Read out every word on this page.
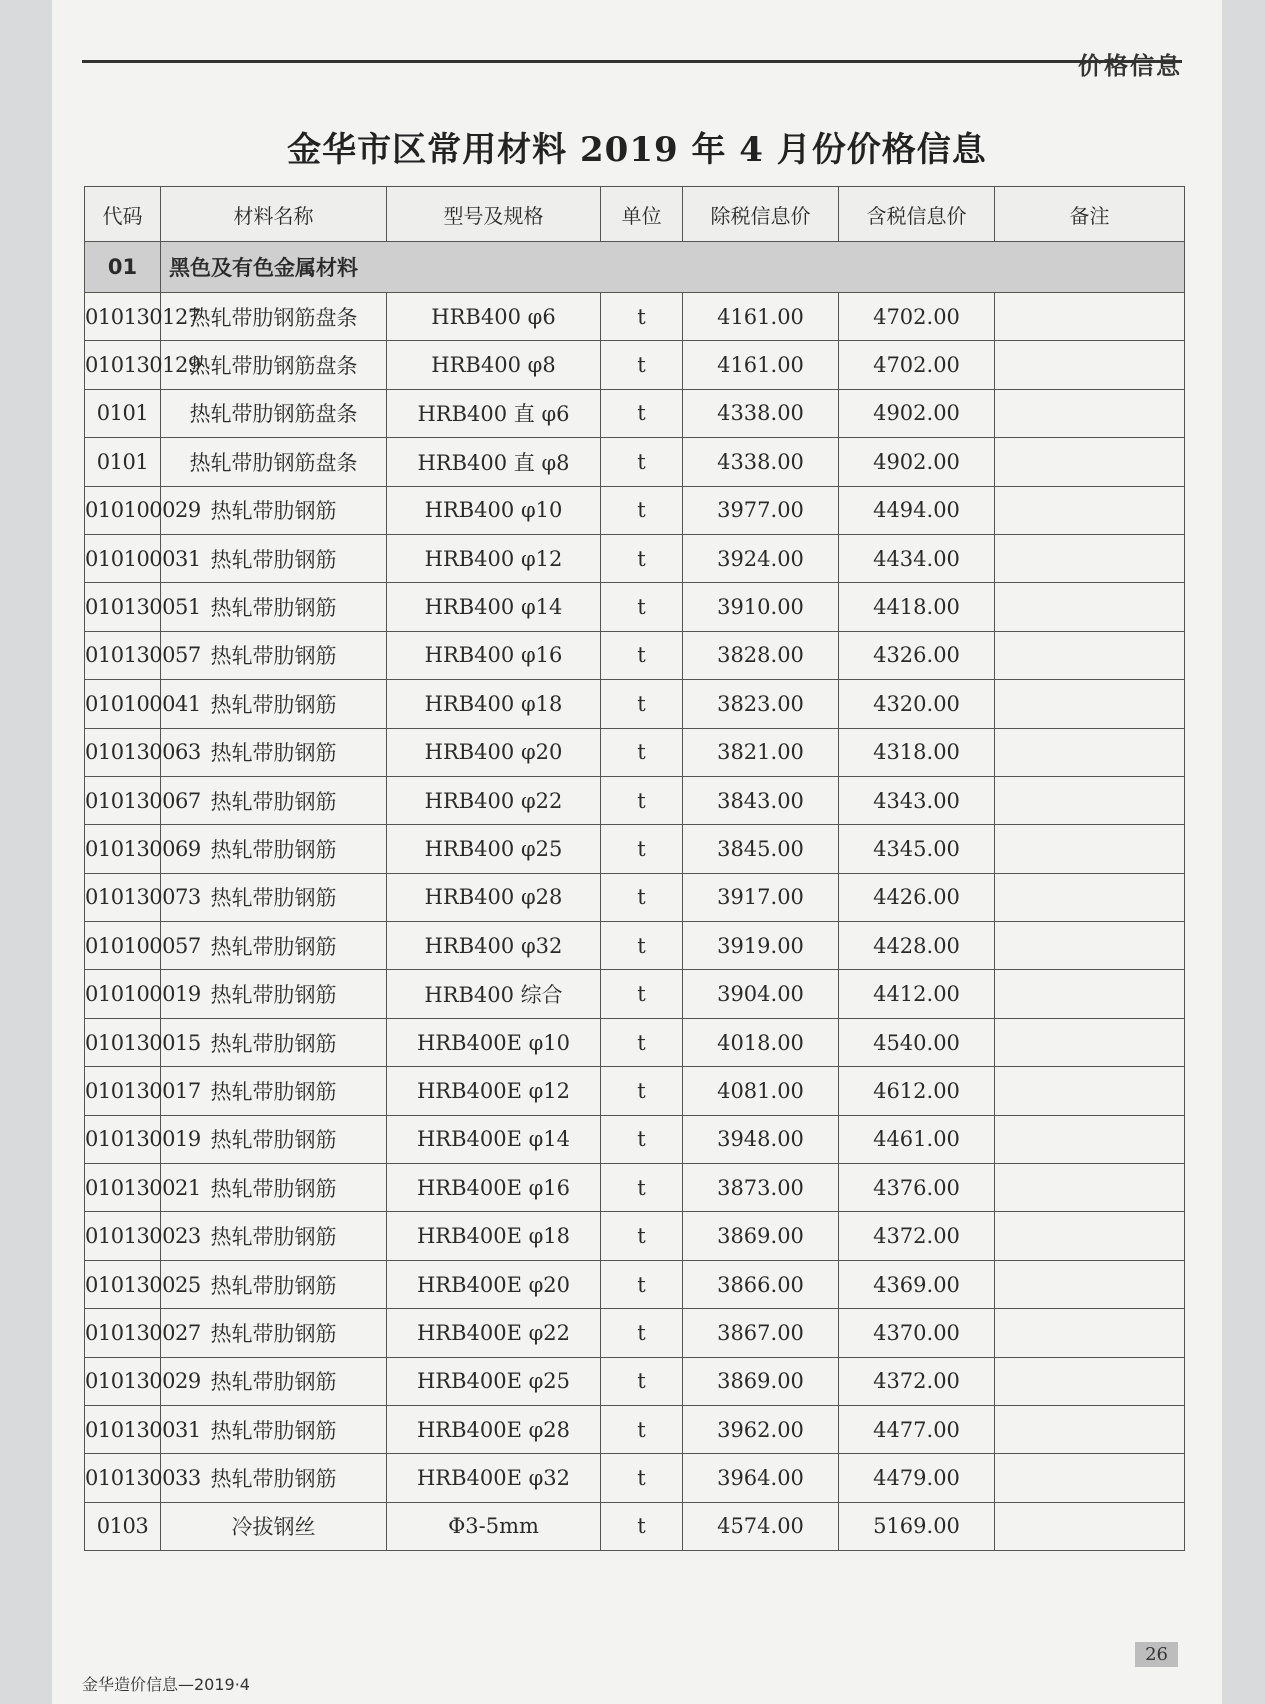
价格信息
金华市区常用材料 2019 年 4 月份价格信息
代码	材料名称	型号及规格	单位	除税信息价	含税信息价	备注
01	黑色及有色金属材料					
010130127	热轧带肋钢筋盘条	HRB400 φ6	t	4161.00	4702.00	
010130129	热轧带肋钢筋盘条	HRB400 φ8	t	4161.00	4702.00	
0101	热轧带肋钢筋盘条	HRB400 直 φ6	t	4338.00	4902.00	
0101	热轧带肋钢筋盘条	HRB400 直 φ8	t	4338.00	4902.00	
010100029	热轧带肋钢筋	HRB400 φ10	t	3977.00	4494.00	
010100031	热轧带肋钢筋	HRB400 φ12	t	3924.00	4434.00	
010130051	热轧带肋钢筋	HRB400 φ14	t	3910.00	4418.00	
010130057	热轧带肋钢筋	HRB400 φ16	t	3828.00	4326.00	
010100041	热轧带肋钢筋	HRB400 φ18	t	3823.00	4320.00	
010130063	热轧带肋钢筋	HRB400 φ20	t	3821.00	4318.00	
010130067	热轧带肋钢筋	HRB400 φ22	t	3843.00	4343.00	
010130069	热轧带肋钢筋	HRB400 φ25	t	3845.00	4345.00	
010130073	热轧带肋钢筋	HRB400 φ28	t	3917.00	4426.00	
010100057	热轧带肋钢筋	HRB400 φ32	t	3919.00	4428.00	
010100019	热轧带肋钢筋	HRB400 综合	t	3904.00	4412.00	
010130015	热轧带肋钢筋	HRB400E φ10	t	4018.00	4540.00	
010130017	热轧带肋钢筋	HRB400E φ12	t	4081.00	4612.00	
010130019	热轧带肋钢筋	HRB400E φ14	t	3948.00	4461.00	
010130021	热轧带肋钢筋	HRB400E φ16	t	3873.00	4376.00	
010130023	热轧带肋钢筋	HRB400E φ18	t	3869.00	4372.00	
010130025	热轧带肋钢筋	HRB400E φ20	t	3866.00	4369.00	
010130027	热轧带肋钢筋	HRB400E φ22	t	3867.00	4370.00	
010130029	热轧带肋钢筋	HRB400E φ25	t	3869.00	4372.00	
010130031	热轧带肋钢筋	HRB400E φ28	t	3962.00	4477.00	
010130033	热轧带肋钢筋	HRB400E φ32	t	3964.00	4479.00	
0103	冷拔钢丝	Φ3-5mm	t	4574.00	5169.00	
金华造价信息—2019·4
26
